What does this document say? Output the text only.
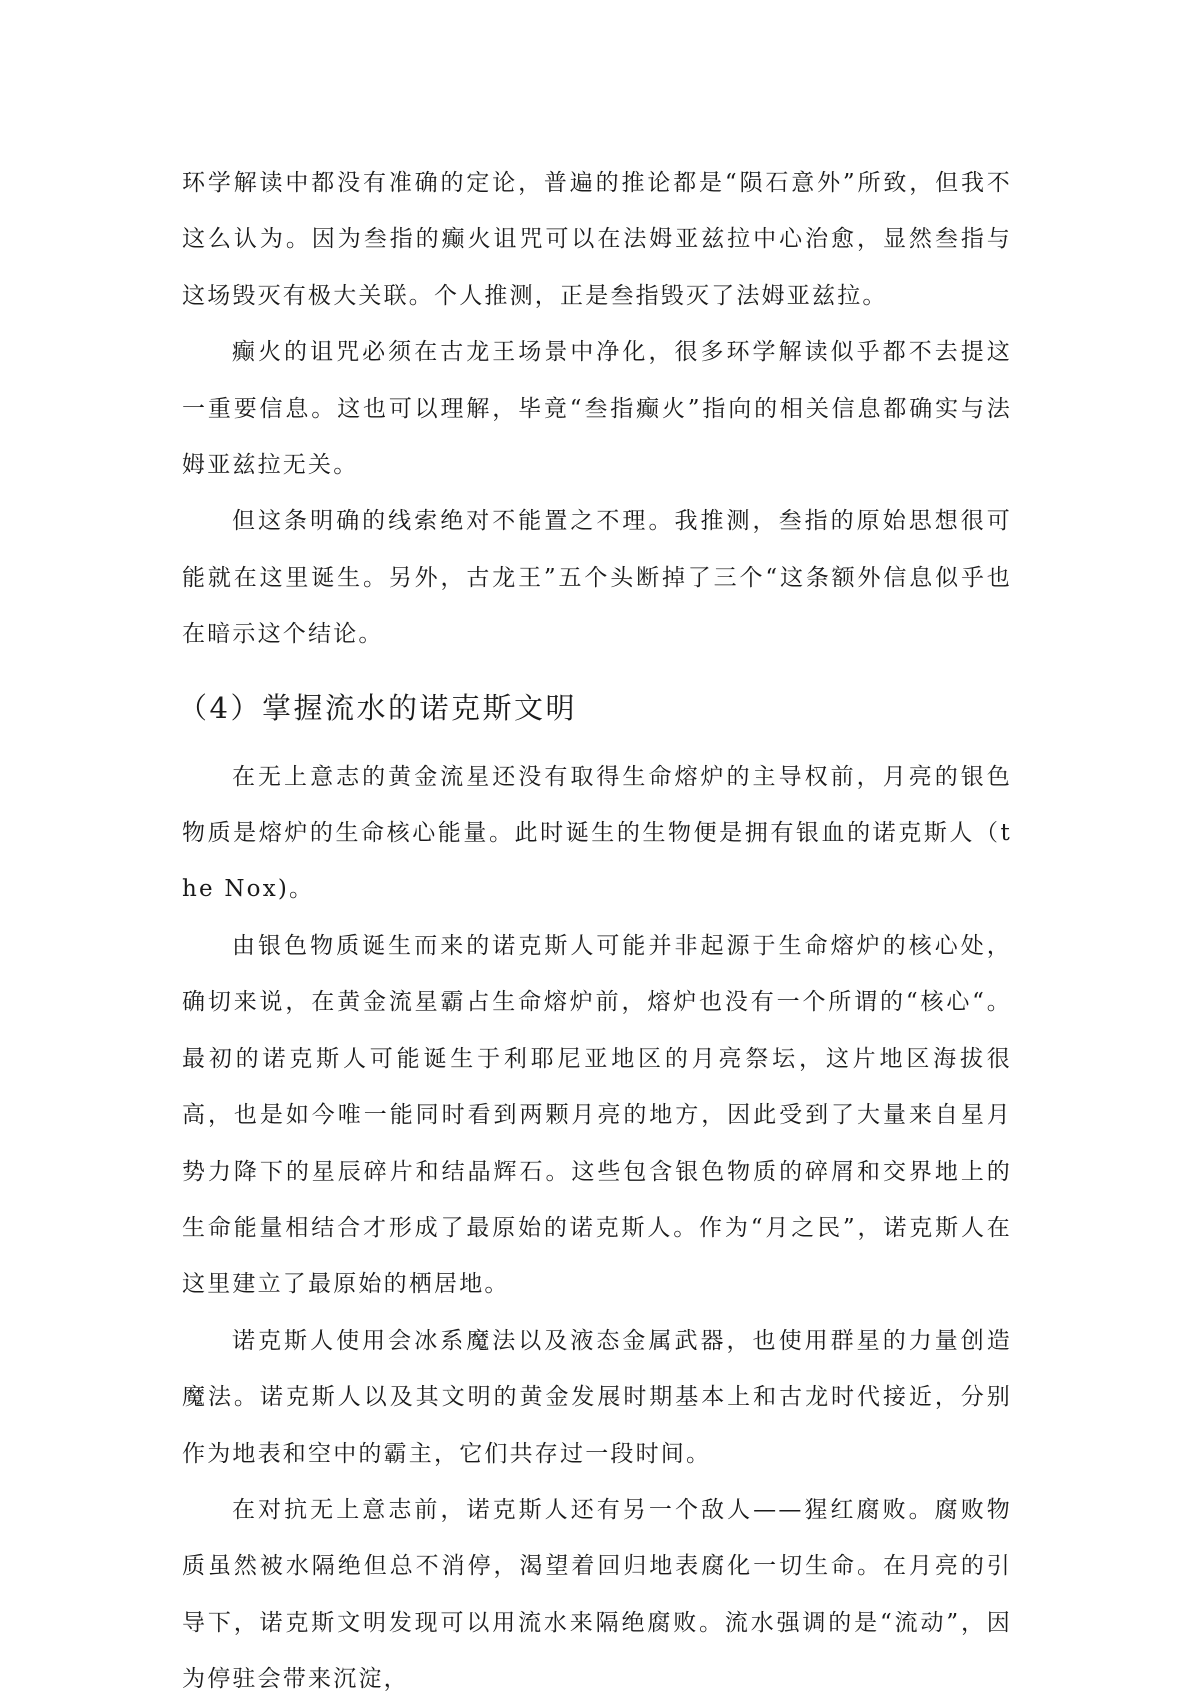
环学解读中都没有准确的定论，普遍的推论都是“陨石意外”所致，但我不这么认为。因为叁指的癫火诅咒可以在法姆亚兹拉中心治愈，显然叁指与这场毁灭有极大关联。个人推测，正是叁指毁灭了法姆亚兹拉。

癫火的诅咒必须在古龙王场景中净化，很多环学解读似乎都不去提这一重要信息。这也可以理解，毕竟“叁指癫火”指向的相关信息都确实与法姆亚兹拉无关。

但这条明确的线索绝对不能置之不理。我推测，叁指的原始思想很可能就在这里诞生。另外，古龙王”五个头断掉了三个“这条额外信息似乎也在暗示这个结论。

（4）掌握流水的诺克斯文明

在无上意志的黄金流星还没有取得生命熔炉的主导权前，月亮的银色物质是熔炉的生命核心能量。此时诞生的生物便是拥有银血的诺克斯人（the Nox)。

由银色物质诞生而来的诺克斯人可能并非起源于生命熔炉的核心处，确切来说，在黄金流星霸占生命熔炉前，熔炉也没有一个所谓的“核心“。最初的诺克斯人可能诞生于利耶尼亚地区的月亮祭坛，这片地区海拔很高，也是如今唯一能同时看到两颗月亮的地方，因此受到了大量来自星月势力降下的星辰碎片和结晶辉石。这些包含银色物质的碎屑和交界地上的生命能量相结合才形成了最原始的诺克斯人。作为“月之民”，诺克斯人在这里建立了最原始的栖居地。

诺克斯人使用会冰系魔法以及液态金属武器，也使用群星的力量创造魔法。诺克斯人以及其文明的黄金发展时期基本上和古龙时代接近，分别作为地表和空中的霸主，它们共存过一段时间。

在对抗无上意志前，诺克斯人还有另一个敌人——猩红腐败。腐败物质虽然被水隔绝但总不消停，渴望着回归地表腐化一切生命。在月亮的引导下，诺克斯文明发现可以用流水来隔绝腐败。流水强调的是“流动”，因为停驻会带来沉淀，
